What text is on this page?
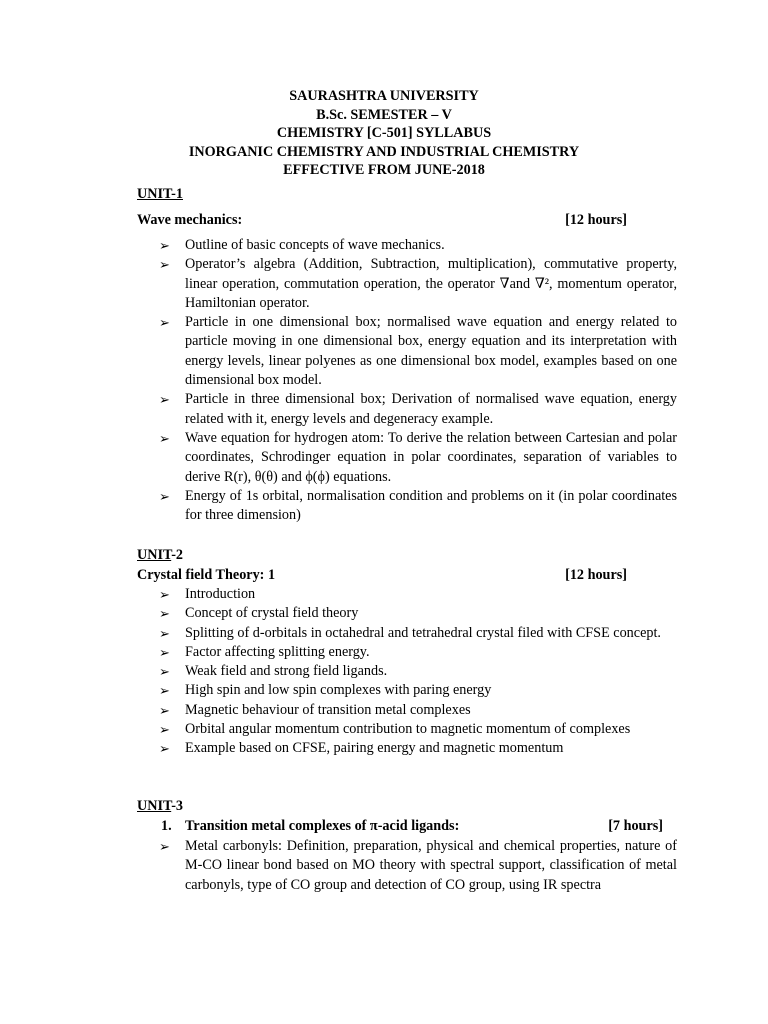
SAURASHTRA UNIVERSITY
B.Sc. SEMESTER – V
CHEMISTRY [C-501] SYLLABUS
INORGANIC CHEMISTRY AND INDUSTRIAL CHEMISTRY
EFFECTIVE FROM JUNE-2018
UNIT-1
Wave mechanics:	[12 hours]
➢ Outline of basic concepts of wave mechanics.
➢ Operator’s algebra (Addition, Subtraction, multiplication), commutative property, linear operation, commutation operation, the operator ∇and ∇², momentum operator, Hamiltonian operator.
➢ Particle in one dimensional box; normalised wave equation and energy related to particle moving in one dimensional box, energy equation and its interpretation with energy levels, linear polyenes as one dimensional box model, examples based on one dimensional box model.
➢ Particle in three dimensional box; Derivation of normalised wave equation, energy related with it, energy levels and degeneracy example.
➢ Wave equation for hydrogen atom: To derive the relation between Cartesian and polar coordinates, Schrodinger equation in polar coordinates, separation of variables to derive R(r), θ(θ) and ϕ(ϕ) equations.
➢ Energy of 1s orbital, normalisation condition and problems on it (in polar coordinates for three dimension)
UNIT-2
Crystal field Theory: 1	[12 hours]
➢ Introduction
➢ Concept of crystal field theory
➢ Splitting of d-orbitals in octahedral and tetrahedral crystal filed with CFSE concept.
➢ Factor affecting splitting energy.
➢ Weak field and strong field ligands.
➢ High spin and low spin complexes with paring energy
➢ Magnetic behaviour of transition metal complexes
➢ Orbital angular momentum contribution to magnetic momentum of complexes
➢ Example based on CFSE, pairing energy and magnetic momentum
UNIT-3
1. Transition metal complexes of π-acid ligands:	[7 hours]
➢ Metal carbonyls: Definition, preparation, physical and chemical properties, nature of M-CO linear bond based on MO theory with spectral support, classification of metal carbonyls, type of CO group and detection of CO group, using IR spectra
